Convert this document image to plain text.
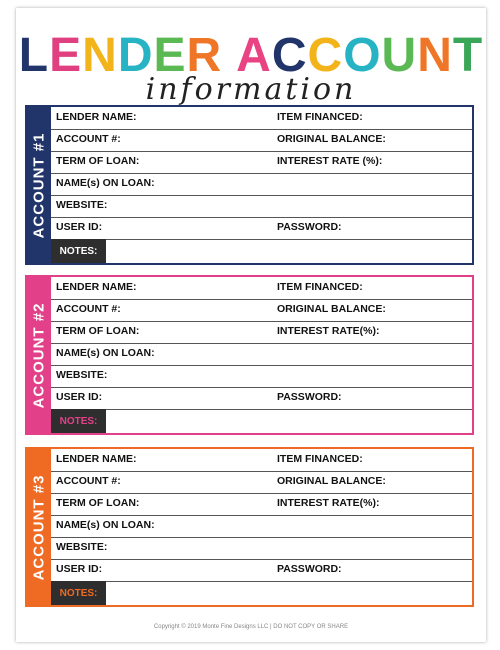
LENDER ACCOUNT
information
ACCOUNT #1
LENDER NAME:	ITEM FINANCED:
ACCOUNT #:	ORIGINAL BALANCE:
TERM OF LOAN:	INTEREST RATE (%):
NAME(s) ON LOAN:
WEBSITE:
USER ID:	PASSWORD:
NOTES:
ACCOUNT #2
LENDER NAME:	ITEM FINANCED:
ACCOUNT #:	ORIGINAL BALANCE:
TERM OF LOAN:	INTEREST RATE(%):
NAME(s) ON LOAN:
WEBSITE:
USER ID:	PASSWORD:
NOTES:
ACCOUNT #3
LENDER NAME:	ITEM FINANCED:
ACCOUNT #:	ORIGINAL BALANCE:
TERM OF LOAN:	INTEREST RATE(%):
NAME(s) ON LOAN:
WEBSITE:
USER ID:	PASSWORD:
NOTES:
Copyright © 2019 Monte Fine Designs LLC | DO NOT COPY OR SHARE
